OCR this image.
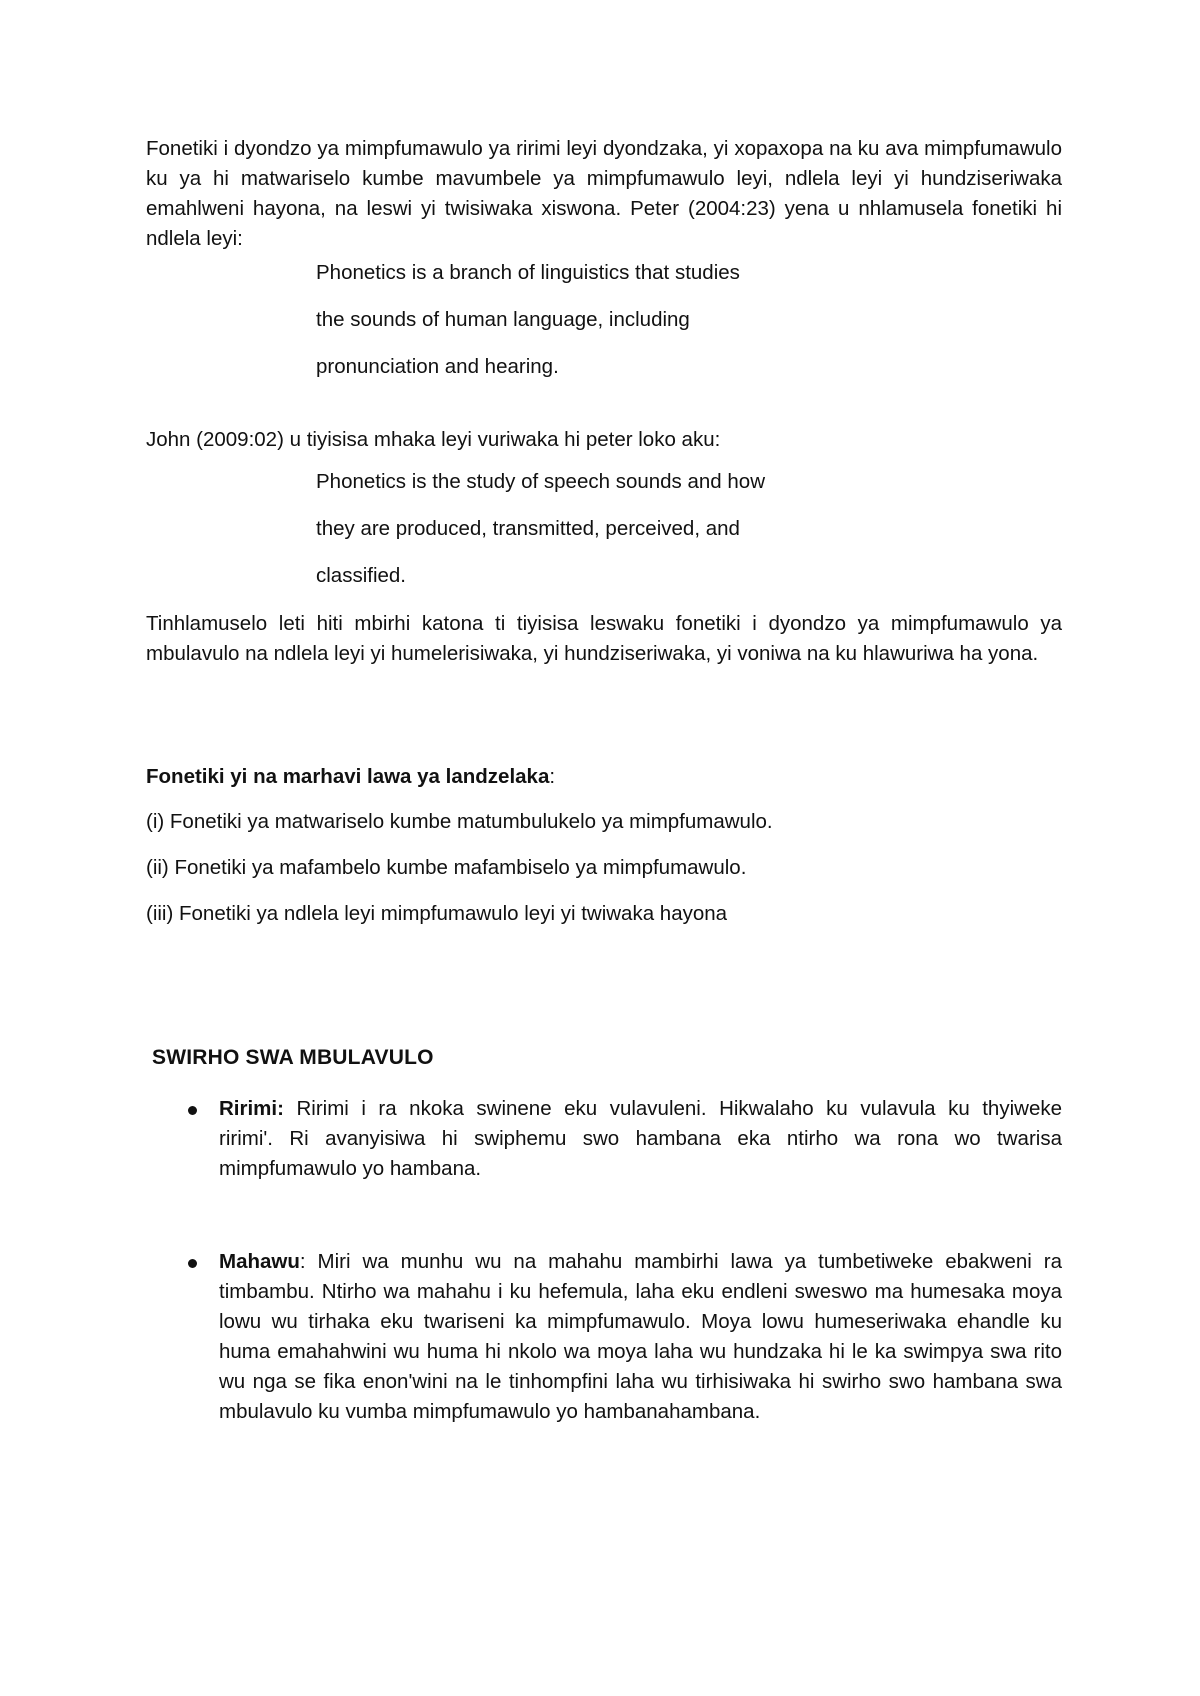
Fonetiki i dyondzo ya mimpfumawulo ya ririmi leyi dyondzaka, yi xopaxopa na ku ava mimpfumawulo ku ya hi matwariselo kumbe mavumbele ya mimpfumawulo leyi, ndlela leyi yi hundziseriwaka emahlweni hayona, na leswi yi twisiwaka xiswona. Peter (2004:23) yena u nhlamusela fonetiki hi ndlela leyi:

Phonetics is a branch of linguistics that studies

the sounds of human language, including

pronunciation and hearing.

John (2009:02) u tiyisisa mhaka leyi vuriwaka hi peter loko aku:

Phonetics is the study of speech sounds and how

they are produced, transmitted, perceived, and

classified.

Tinhlamuselo leti hiti mbirhi katona ti tiyisisa leswaku fonetiki i dyondzo ya mimpfumawulo ya mbulavulo na ndlela leyi yi humelerisiwaka, yi hundziseriwaka, yi voniwa na ku hlawuriwa ha yona.

Fonetiki yi na marhavi lawa ya landzelaka:

(i) Fonetiki ya matwariselo kumbe matumbulukelo ya mimpfumawulo.

(ii) Fonetiki ya mafambelo kumbe mafambiselo ya mimpfumawulo.

(iii) Fonetiki ya ndlela leyi mimpfumawulo leyi yi twiwaka hayona

SWIRHO SWA MBULAVULO

Ririmi: Ririmi i ra nkoka swinene eku vulavuleni. Hikwalaho ku vulavula ku thyiweke        ririmi'. Ri avanyisiwa hi swiphemu swo hambana eka ntirho wa rona wo twarisa mimpfumawulo yo hambana.

Mahawu: Miri wa munhu wu na mahahu mambirhi lawa ya tumbetiweke ebakweni ra timbambu. Ntirho wa mahahu i ku hefemula, laha eku endleni sweswo ma humesaka moya lowu wu tirhaka eku twariseni ka mimpfumawulo. Moya lowu humeseriwaka ehandle ku huma emahahwini wu huma hi nkolo wa moya laha wu hundzaka hi le ka swimpya swa rito wu nga se fika enon'wini na le tinhompfini laha wu tirhisiwaka hi swirho swo hambana swa mbulavulo ku vumba mimpfumawulo yo hambanahambana.
